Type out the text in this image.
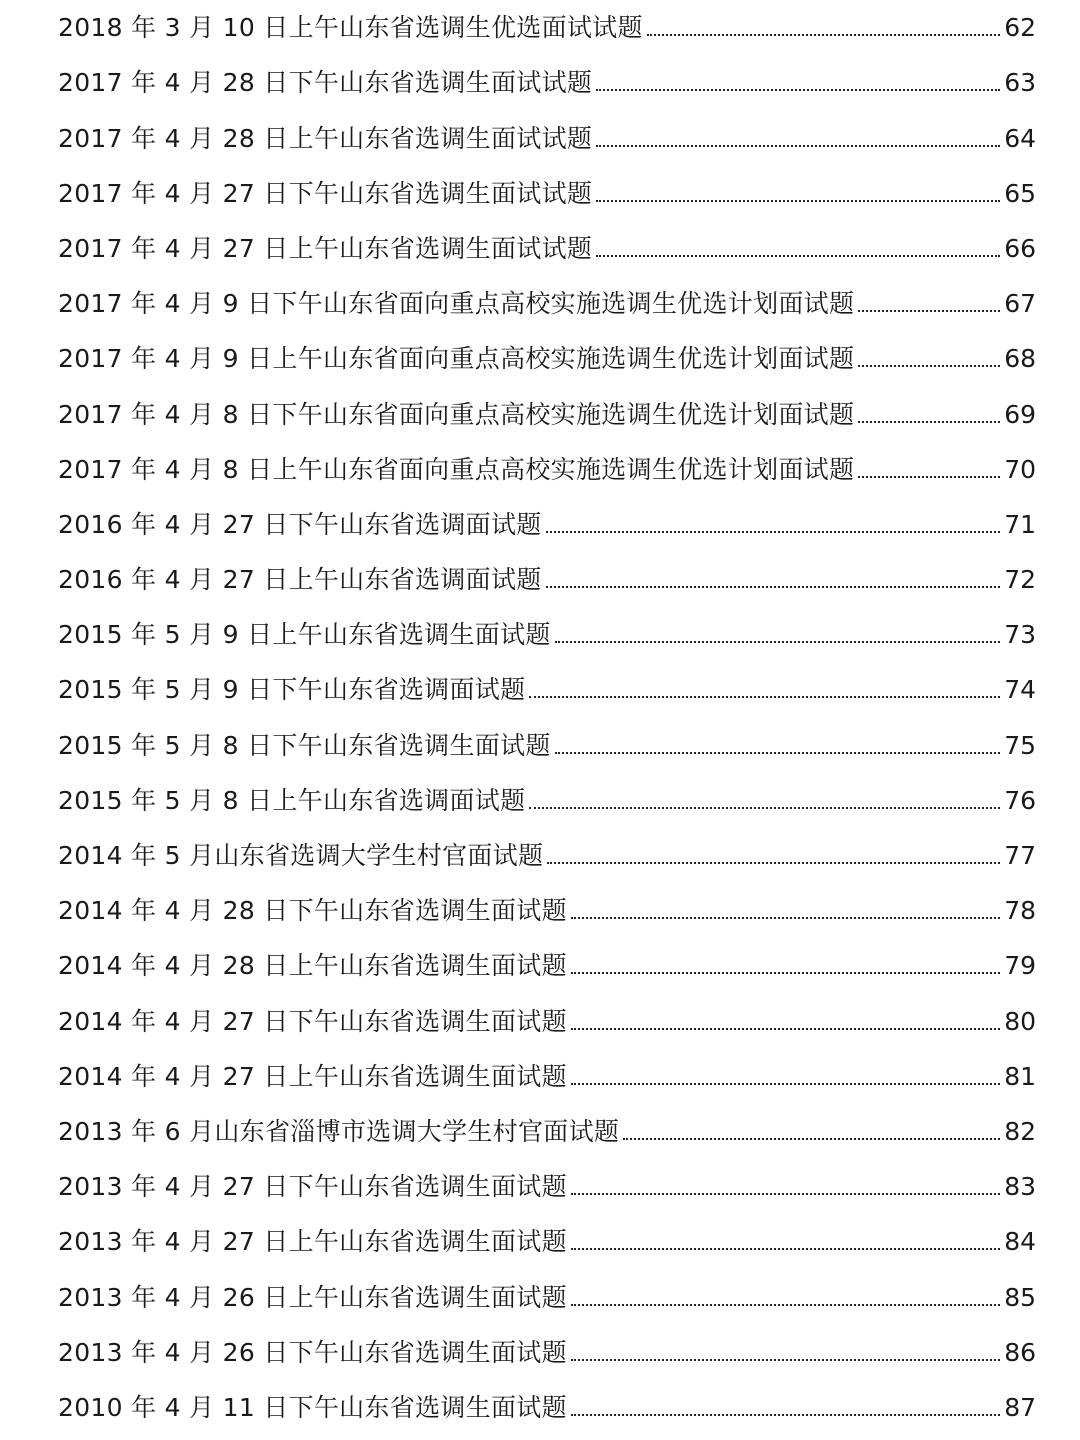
2018 年 3 月 10 日上午山东省选调生优选面试试题	62
2017 年 4 月 28 日下午山东省选调生面试试题	63
2017 年 4 月 28 日上午山东省选调生面试试题	64
2017 年 4 月 27 日下午山东省选调生面试试题	65
2017 年 4 月 27 日上午山东省选调生面试试题	66
2017 年 4 月 9 日下午山东省面向重点高校实施选调生优选计划面试题	67
2017 年 4 月 9 日上午山东省面向重点高校实施选调生优选计划面试题	68
2017 年 4 月 8 日下午山东省面向重点高校实施选调生优选计划面试题	69
2017 年 4 月 8 日上午山东省面向重点高校实施选调生优选计划面试题	70
2016 年 4 月 27 日下午山东省选调面试题	71
2016 年 4 月 27 日上午山东省选调面试题	72
2015 年 5 月 9 日上午山东省选调生面试题	73
2015 年 5 月 9 日下午山东省选调面试题	74
2015 年 5 月 8 日下午山东省选调生面试题	75
2015 年 5 月 8 日上午山东省选调面试题	76
2014 年 5 月山东省选调大学生村官面试题	77
2014 年 4 月 28 日下午山东省选调生面试题	78
2014 年 4 月 28 日上午山东省选调生面试题	79
2014 年 4 月 27 日下午山东省选调生面试题	80
2014 年 4 月 27 日上午山东省选调生面试题	81
2013 年 6 月山东省淄博市选调大学生村官面试题	82
2013 年 4 月 27 日下午山东省选调生面试题	83
2013 年 4 月 27 日上午山东省选调生面试题	84
2013 年 4 月 26 日上午山东省选调生面试题	85
2013 年 4 月 26 日下午山东省选调生面试题	86
2010 年 4 月 11 日下午山东省选调生面试题	87
